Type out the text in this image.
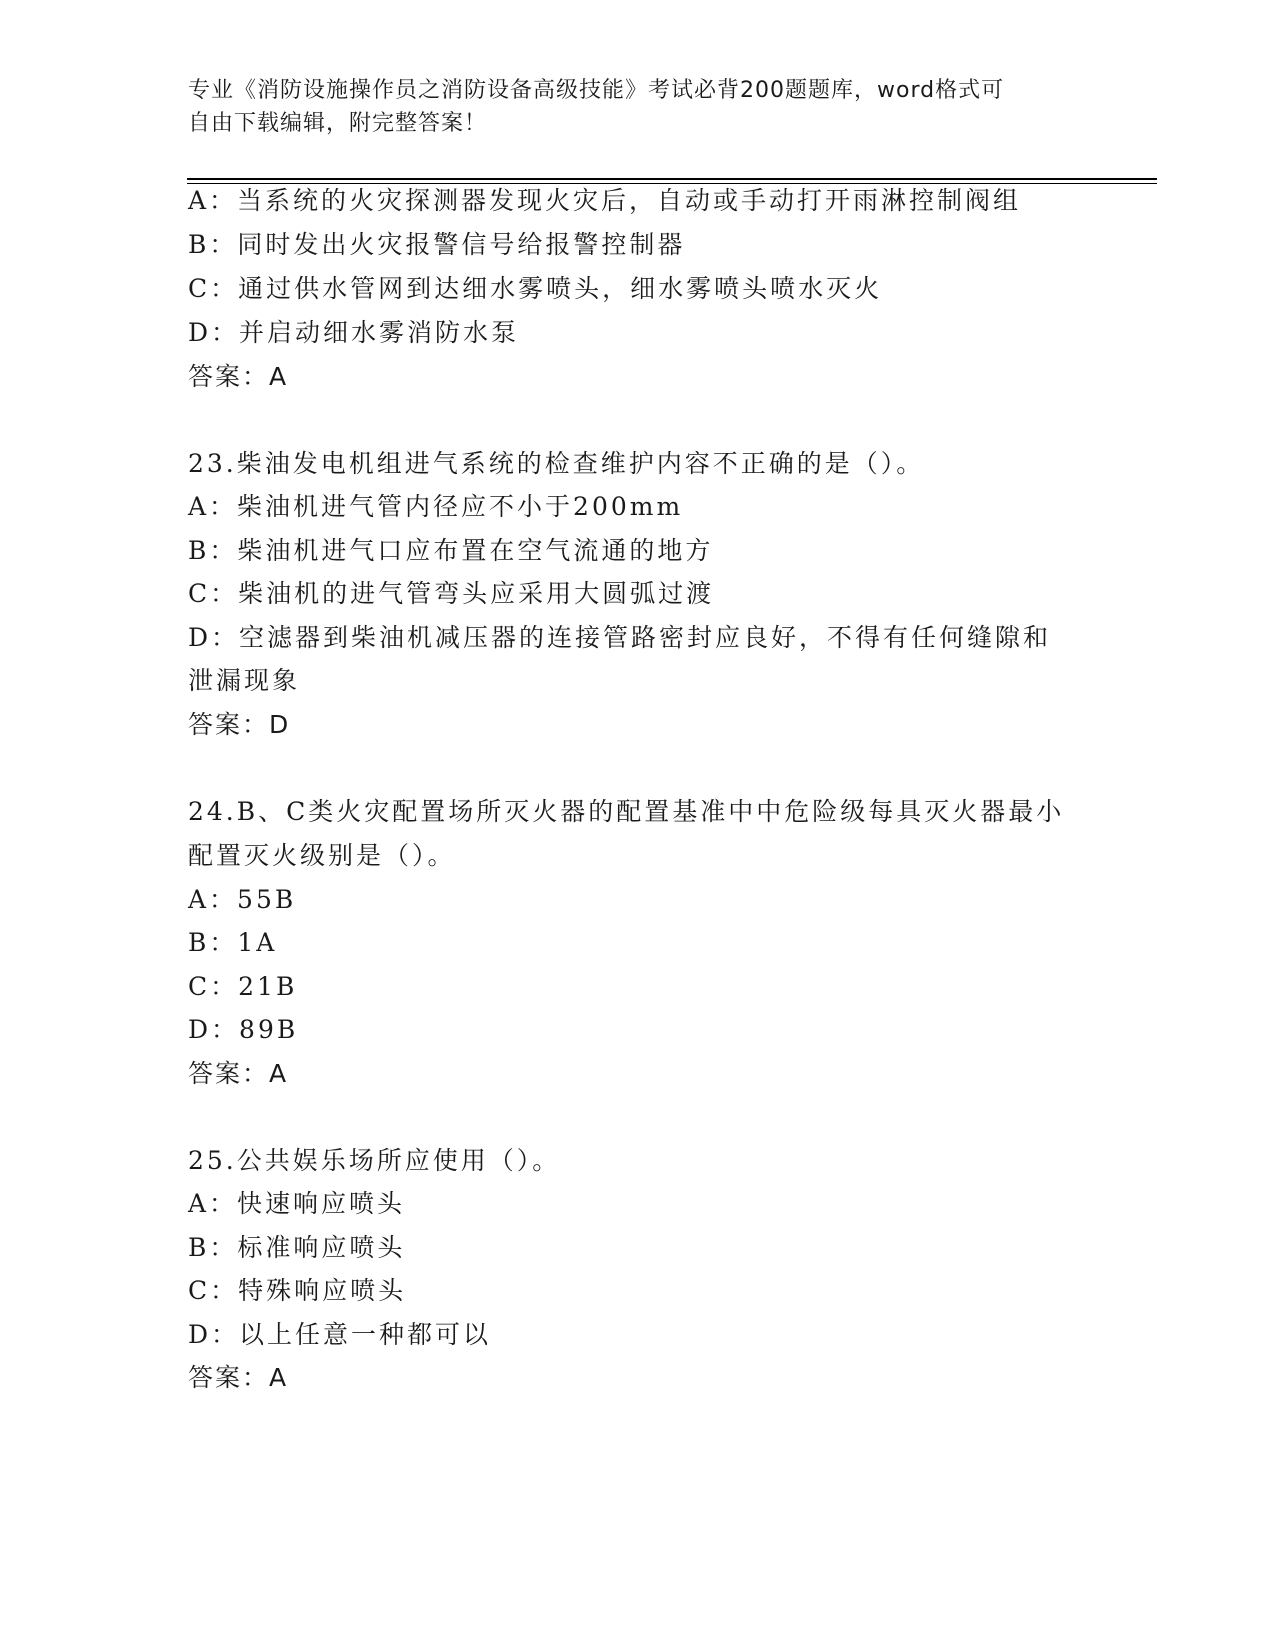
专业《消防设施操作员之消防设备高级技能》考试必背200题题库，word格式可
自由下载编辑，附完整答案！
A：当系统的火灾探测器发现火灾后，自动或手动打开雨淋控制阀组
B：同时发出火灾报警信号给报警控制器
C：通过供水管网到达细水雾喷头，细水雾喷头喷水灭火
D：并启动细水雾消防水泵
答案：A
23.柴油发电机组进气系统的检查维护内容不正确的是（）。
A：柴油机进气管内径应不小于200mm
B：柴油机进气口应布置在空气流通的地方
C：柴油机的进气管弯头应采用大圆弧过渡
D：空滤器到柴油机减压器的连接管路密封应良好，不得有任何缝隙和
泄漏现象
答案：D
24.B、C类火灾配置场所灭火器的配置基准中中危险级每具灭火器最小
配置灭火级别是（）。
A：55B
B：1A
C：21B
D：89B
答案：A
25.公共娱乐场所应使用（）。
A：快速响应喷头
B：标准响应喷头
C：特殊响应喷头
D：以上任意一种都可以
答案：A
